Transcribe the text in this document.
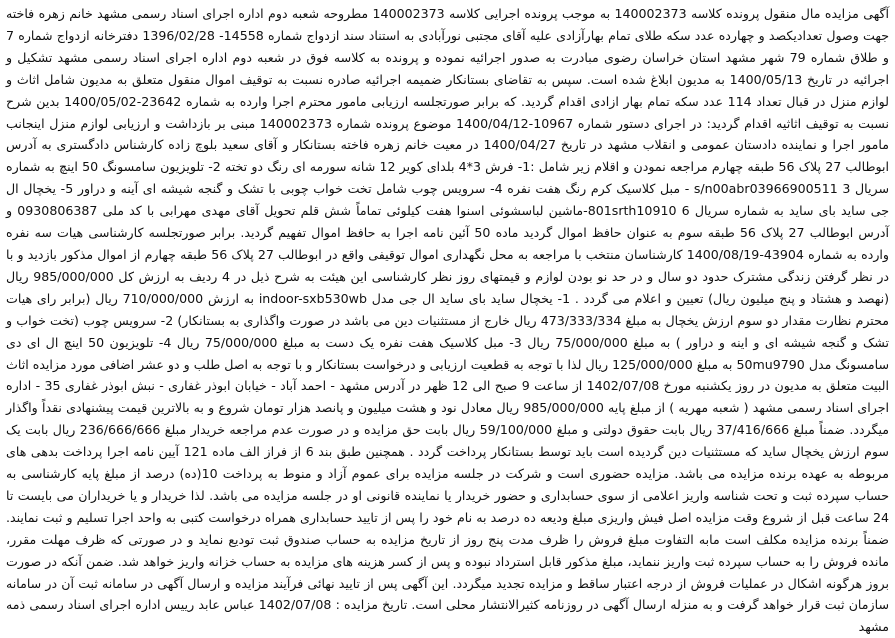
آگهی مزایده مال منقول پرونده کلاسه 140002373 به موجب پرونده اجرایی کلاسه 140002373 مطروحه شعبه دوم اداره اجرای اسناد رسمی مشهد خانم زهره فاخته جهت وصول تعدادیکصد و چهارده عدد سکه طلای تمام بهارآزادی علیه آقای مجتبی نورآبادی به استناد سند ازدواج شماره 14558- 1396/02/28 دفترخانه ازدواج شماره 7 و طلاق شماره 79 شهر مشهد استان خراسان رضوی مبادرت به صدور اجرائیه نموده و پرونده به کلاسه فوق در شعبه دوم اداره اجرای اسناد رسمی مشهد تشکیل و اجرائیه در تاریخ 1400/05/13 به مدیون ابلاغ شده است. سپس به تقاضای بستانکار ضمیمه اجرائیه صادره نسبت به توقیف اموال منقول متعلق به مدیون شامل اثاث و لوازم منزل در قبال تعداد 114 عدد سکه تمام بهار ازادی اقدام گردید. که برابر صورتجلسه ارزیابی مامور محترم اجرا وارده به شماره 23642-1400/05/02 بدین شرح نسبت به توقیف اثاثیه اقدام گردید: در اجرای دستور شماره 10967-1400/04/12 موضوع پرونده شماره 140002373 مبنی بر بازداشت و ارزیابی لوازم منزل اینجانب مامور اجرا و نماینده دادستان عمومی و انقلاب مشهد در تاریخ 1400/04/27 در معیت خانم زهره فاخته بستانکار و آقای سعید بلوچ زاده کارشناس دادگستری به آدرس ابوطالب 27 پلاک 56 طبقه چهارم مراجعه نمودن و اقلام زیر شامل :1- فرش 3*4 بلدای کویر 12 شانه سورمه ای رنگ دو تخته 2- تلویزیون سامسونگ 50 اینچ به شماره سریال 3 s/n00abr03966900511 - مبل کلاسیک کرم رنگ هفت نفره 4- سرویس چوب شامل تخت خواب چوبی با تشک و گنجه شیشه ای آینه و دراور 5- یخچال ال جی ساید بای ساید به شماره سریال 6 801srth10910-ماشین لباسشوئی اسنوا هفت کیلوئی تماماً شش قلم تحویل آقای مهدی مهرابی با کد ملی 0930806387 و آدرس ابوطالب 27 پلاک 56 طبقه سوم به عنوان حافظ اموال گردید ماده 50 آئین نامه اجرا به حافظ اموال تفهیم گردید. برابر صورتجلسه کارشناسی هیات سه نفره وارده به شماره 43904-1400/08/19 کارشناسان منتخب با مراجعه به محل نگهداری اموال توقیفی واقع در ابوطالب 27 پلاک 56 طبقه چهارم از اموال مذکور بازدید و با در نظر گرفتن زندگی مشترک حدود دو سال و در حد نو بودن لوازم و قیمتهای روز نظر کارشناسی این هیئت به شرح ذیل در 4 ردیف به ارزش کل 985/000/000 ریال (نهصد و هشتاد و پنج میلیون ریال) تعیین و اعلام می گردد . 1- یخچال ساید بای ساید ال جی مدل indoor-sxb530wb به ارزش 710/000/000 ریال (برابر رای هیات محترم نظارت مقدار دو سوم ارزش یخچال به مبلغ 473/333/334 ریال خارج از مستثنیات دین می باشد در صورت واگذاری به بستانکار) 2- سرویس چوب (تخت خواب و تشک و گنجه شیشه ای و اینه و دراور ) به مبلغ 75/000/000 ریال 3- مبل کلاسیک هفت نفره یک دست به مبلغ 75/000/000 ریال 4- تلویزیون 50 اینچ ال ای دی سامسونگ مدل 50mu9790 به مبلغ 125/000/000 ریال لذا با توجه به قطعیت ارزیابی و درخواست بستانکار و با توجه به اصل طلب و دو عشر اضافی مورد مزایده اثاث البیت متعلق به مدیون در روز یکشنبه مورخ 1402/07/08 از ساعت 9 صبح الی 12 ظهر در آدرس مشهد - احمد آباد - خیابان ابوذر غفاری - نبش ابوذر غفاری 35 - اداره اجرای اسناد رسمی مشهد ( شعبه مهریه ) از مبلغ پایه 985/000/000 ریال معادل نود و هشت میلیون و پانصد هزار تومان شروع و به بالاترین قیمت پیشنهادی نقداً واگذار میگردد. ضمناً مبلغ 37/416/666 ریال بابت حقوق دولتی و مبلغ 59/100/000 ریال بابت حق مزایده و در صورت عدم مراجعه خریدار مبلغ 236/666/666 ریال بابت یک سوم ارزش یخچال ساید که مستثنیات دین گردیده است باید توسط بستانکار پرداخت گردد . همچنین طبق بند 6 از فراز الف ماده 121 آیین نامه اجرا پرداخت بدهی های مربوطه به عهده برنده مزایده می باشد. مزایده حضوری است و شرکت در جلسه مزایده برای عموم آزاد و منوط به پرداخت 10(ده) درصد از مبلغ پایه کارشناسی به حساب سپرده ثبت و تحت شناسه واریز اعلامی از سوی حسابداری و حضور خریدار یا نماینده قانونی او در جلسه مزایده می باشد. لذا خریدار و یا خریداران می بایست تا 24 ساعت قبل از شروع وقت مزایده اصل فیش واریزی مبلغ ودیعه ده درصد به نام خود را پس از تایید حسابداری همراه درخواست کتبی به واحد اجرا تسلیم و ثبت نمایند. ضمناً برنده مزایده مکلف است مابه التفاوت مبلغ فروش را ظرف مدت پنج روز از تاریخ مزایده به حساب صندوق ثبت تودیع نماید و در صورتی که ظرف مهلت مقرر، مانده فروش را به حساب سپرده ثبت واریز ننماید، مبلغ مذکور قابل استرداد نبوده و پس از کسر هزینه های مزایده به حساب خزانه واریز خواهد شد. ضمن آنکه در صورت بروز هرگونه اشکال در عملیات فروش از درجه اعتبار ساقط و مزایده تجدید میگردد. این آگهی پس از تایید نهائی فرآیند مزایده و ارسال آگهی در سامانه ثبت آن در سامانه سازمان ثبت قرار خواهد گرفت و به منزله ارسال آگهی در روزنامه کثیرالانتشار محلی است. تاریخ مزایده : 1402/07/08 عباس عابد رییس اداره اجرای اسناد رسمی ذمه مشهد
